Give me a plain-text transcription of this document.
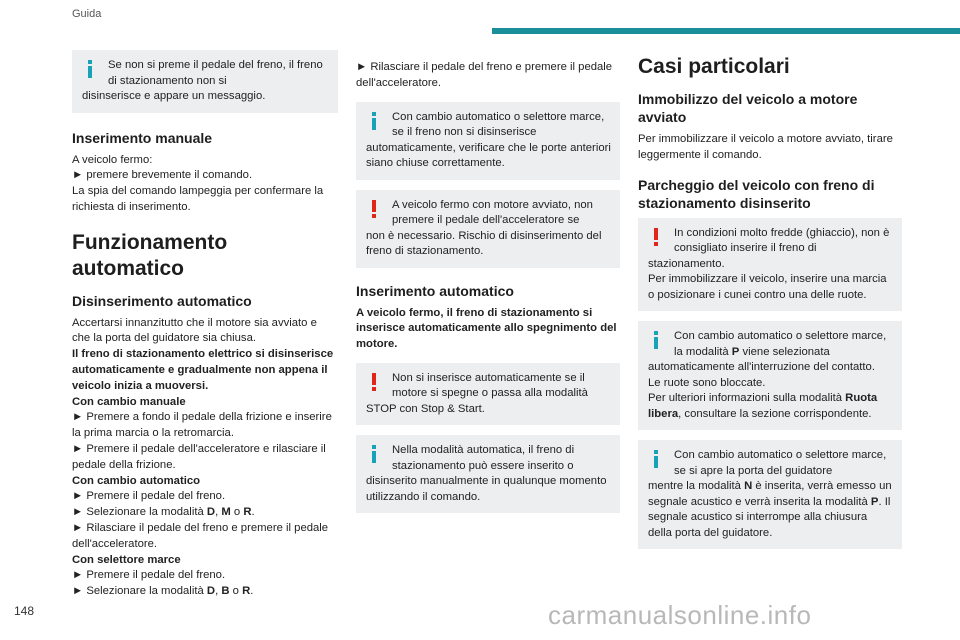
Guida
Se non si preme il pedale del freno, il freno di stazionamento non si
disinserisce e appare un messaggio.
Inserimento manuale

A veicolo fermo:

► premere brevemente il comando.

La spia del comando lampeggia per confermare la richiesta di inserimento.

Funzionamento automatico
Disinserimento automatico

Accertarsi innanzitutto che il motore sia avviato e che la porta del guidatore sia chiusa.

Il freno di stazionamento elettrico si disinserisce automaticamente e gradualmente non appena il veicolo inizia a muoversi.

Con cambio manuale

► Premere a fondo il pedale della frizione e inserire la prima marcia o la retromarcia.

► Premere il pedale dell'acceleratore e rilasciare il pedale della frizione.

Con cambio automatico

► Premere il pedale del freno.

► Selezionare la modalità D, M o R.

► Rilasciare il pedale del freno e premere il pedale dell'acceleratore.

Con selettore marce

► Premere il pedale del freno.

► Selezionare la modalità D, B o R.

► Rilasciare il pedale del freno e premere il pedale dell'acceleratore.

Con cambio automatico o selettore marce, se il freno non si disinserisce
automaticamente, verificare che le porte anteriori siano chiuse correttamente.
A veicolo fermo con motore avviato, non premere il pedale dell'acceleratore se
non è necessario. Rischio di disinserimento del freno di stazionamento.
Inserimento automatico

A veicolo fermo, il freno di stazionamento si inserisce automaticamente allo spegnimento del motore.

Non si inserisce automaticamente se il motore si spegne o passa alla modalità
STOP con Stop & Start.
Nella modalità automatica, il freno di stazionamento può essere inserito o
disinserito manualmente in qualunque momento utilizzando il comando.
Casi particolari
Immobilizzo del veicolo a motore avviato

Per immobilizzare il veicolo a motore avviato, tirare leggermente il comando.

Parcheggio del veicolo con freno di stazionamento disinserito
In condizioni molto fredde (ghiaccio), non è consigliato inserire il freno di
stazionamento.
Per immobilizzare il veicolo, inserire una marcia o posizionare i cunei contro una delle ruote.
Con cambio automatico o selettore marce, la modalità P viene selezionata
automaticamente all'interruzione del contatto.
Le ruote sono bloccate.
Per ulteriori informazioni sulla modalità Ruota libera, consultare la sezione corrispondente.
Con cambio automatico o selettore marce, se si apre la porta del guidatore
mentre la modalità N è inserita, verrà emesso un segnale acustico e verrà inserita la modalità P. Il segnale acustico si interrompe alla chiusura della porta del guidatore.
148	carmanualsonline.info
